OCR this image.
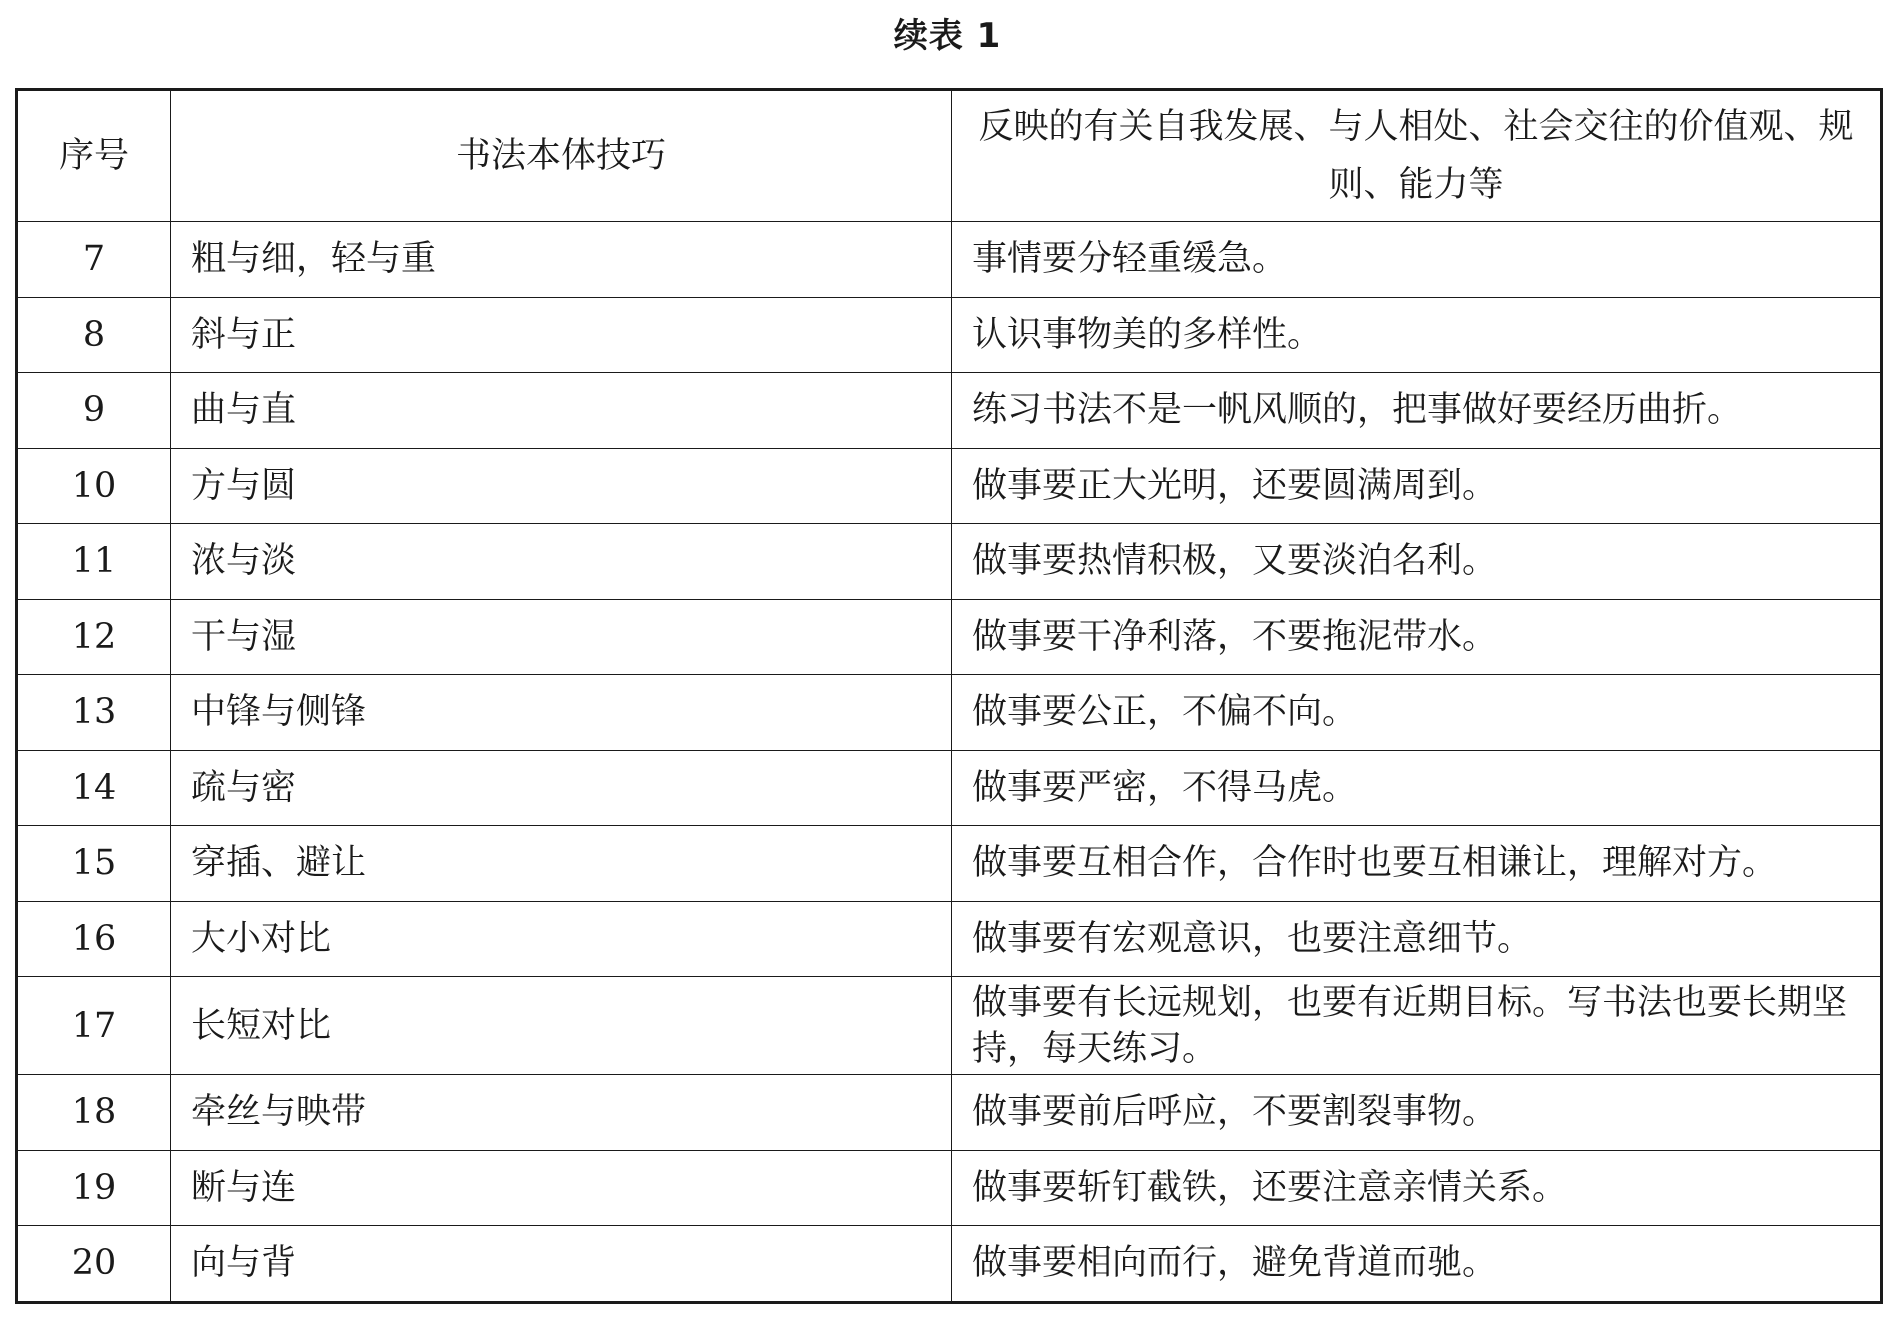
续表 1
序号	书法本体技巧	反映的有关自我发展、与人相处、社会交往的价值观、规则、能力等
7	粗与细，轻与重	事情要分轻重缓急。
8	斜与正	认识事物美的多样性。
9	曲与直	练习书法不是一帆风顺的，把事做好要经历曲折。
10	方与圆	做事要正大光明，还要圆满周到。
11	浓与淡	做事要热情积极，又要淡泊名利。
12	干与湿	做事要干净利落，不要拖泥带水。
13	中锋与侧锋	做事要公正，不偏不向。
14	疏与密	做事要严密，不得马虎。
15	穿插、避让	做事要互相合作，合作时也要互相谦让，理解对方。
16	大小对比	做事要有宏观意识，也要注意细节。
17	长短对比	做事要有长远规划，也要有近期目标。写书法也要长期坚持，每天练习。
18	牵丝与映带	做事要前后呼应，不要割裂事物。
19	断与连	做事要斩钉截铁，还要注意亲情关系。
20	向与背	做事要相向而行，避免背道而驰。
